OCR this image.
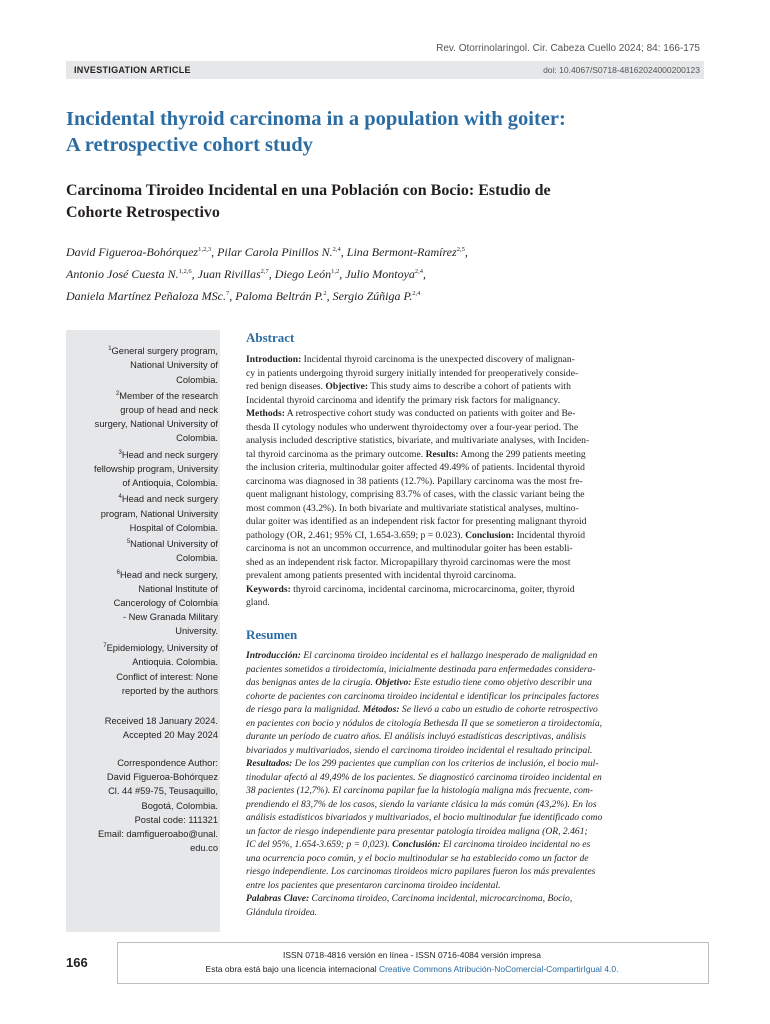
Rev. Otorrinolaringol. Cir. Cabeza Cuello 2024; 84: 166-175
INVESTIGATION ARTICLE	doi: 10.4067/S0718-48162024000200123
Incidental thyroid carcinoma in a population with goiter:
A retrospective cohort study
Carcinoma Tiroideo Incidental en una Población con Bocio: Estudio de
Cohorte Retrospectivo
David Figueroa-Bohórquez$^{1,2,3}$, Pilar Carola Pinillos N.$^{2,4}$, Lina Bermont-Ramírez$^{2,5}$,
Antonio José Cuesta N.$^{1,2,6}$, Juan Rivillas$^{2,7}$, Diego León$^{1,2}$, Julio Montoya$^{2,4}$,
Daniela Martínez Peñaloza MSc.$^7$, Paloma Beltrán P.$^2$, Sergio Zúñiga P.$^{2,4}$
$^1$General surgery program,
National University of
Colombia.
$^2$Member of the research
group of head and neck
surgery, National University of
Colombia.
$^3$Head and neck surgery
fellowship program, University
of Antioquia, Colombia.
$^4$Head and neck surgery
program, National University
Hospital of Colombia.
$^5$National University of
Colombia.
$^6$Head and neck surgery,
National Institute of
Cancerology of Colombia
- New Granada Military
University.
$^7$Epidemiology, University of
Antioquia. Colombia.
Conflict of interest: None
reported by the authors
Received 18 January 2024.
Accepted 20 May 2024
Correspondence Author:
David Figueroa-Bohórquez
Cl. 44 #59-75, Teusaquillo,
Bogotá, Colombia.
Postal code: 111321
Email: damfigueroabo@unal.
edu.co
Abstract
Introduction: Incidental thyroid carcinoma is the unexpected discovery of malignan-
cy in patients undergoing thyroid surgery initially intended for preoperatively conside-
red benign diseases. Objective: This study aims to describe a cohort of patients with
Incidental thyroid carcinoma and identify the primary risk factors for malignancy.
Methods: A retrospective cohort study was conducted on patients with goiter and Be-
thesda II cytology nodules who underwent thyroidectomy over a four-year period. The
analysis included descriptive statistics, bivariate, and multivariate analyses, with Inciden-
tal thyroid carcinoma as the primary outcome. Results: Among the 299 patients meeting
the inclusion criteria, multinodular goiter affected 49.49% of patients. Incidental thyroid
carcinoma was diagnosed in 38 patients (12.7%). Papillary carcinoma was the most fre-
quent malignant histology, comprising 83.7% of cases, with the classic variant being the
most common (43.2%). In both bivariate and multivariate statistical analyses, multino-
dular goiter was identified as an independent risk factor for presenting malignant thyroid
pathology (OR, 2.461; 95% CI, 1.654-3.659; p = 0.023). Conclusion: Incidental thyroid
carcinoma is not an uncommon occurrence, and multinodular goiter has been establi-
shed as an independent risk factor. Micropapillary thyroid carcinomas were the most
prevalent among patients presented with incidental thyroid carcinoma.
Keywords: thyroid carcinoma, incidental carcinoma, microcarcinoma, goiter, thyroid
gland.
Resumen
Introducción: El carcinoma tiroideo incidental es el hallazgo inesperado de malignidad en
pacientes sometidos a tiroidectomía, inicialmente destinada para enfermedades considera-
das benignas antes de la cirugía. Objetivo: Este estudio tiene como objetivo describir una
cohorte de pacientes con carcinoma tiroideo incidental e identificar los principales factores
de riesgo para la malignidad. Métodos: Se llevó a cabo un estudio de cohorte retrospectivo
en pacientes con bocio y nódulos de citología Bethesda II que se sometieron a tiroidectomía,
durante un período de cuatro años. El análisis incluyó estadísticas descriptivas, análisis
bivariados y multivariados, siendo el carcinoma tiroideo incidental el resultado principal.
Resultados: De los 299 pacientes que cumplían con los criterios de inclusión, el bocio mul-
tinodular afectó al 49,49% de los pacientes. Se diagnosticó carcinoma tiroideo incidental en
38 pacientes (12,7%). El carcinoma papilar fue la histología maligna más frecuente, com-
prendiendo el 83,7% de los casos, siendo la variante clásica la más común (43,2%). En los
análisis estadísticos bivariados y multivariados, el bocio multinodular fue identificado como
un factor de riesgo independiente para presentar patología tiroidea maligna (OR, 2.461;
IC del 95%, 1.654-3.659; p = 0,023). Conclusión: El carcinoma tiroideo incidental no es
una ocurrencia poco común, y el bocio multinodular se ha establecido como un factor de
riesgo independiente. Los carcinomas tiroideos micro papilares fueron los más prevalentes
entre los pacientes que presentaron carcinoma tiroideo incidental.
Palabras Clave: Carcinoma tiroideo, Carcinoma incidental, microcarcinoma, Bocio,
Glándula tiroidea.
166	ISSN 0718-4816 versión en línea - ISSN 0716-4084 versión impresa
Esta obra está bajo una licencia internacional Creative Commons Atribución-NoComercial-CompartirIgual 4.0.
